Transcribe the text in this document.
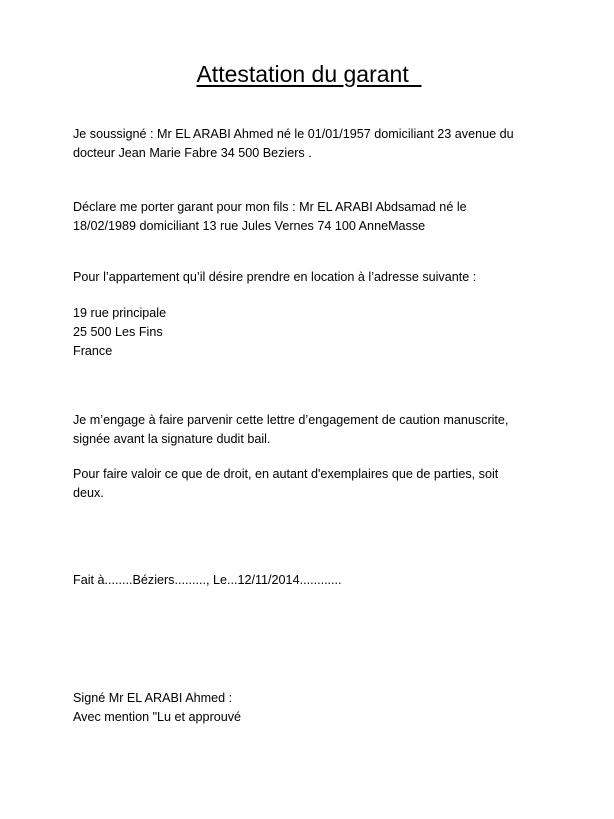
Attestation du garant
Je soussigné : Mr EL ARABI Ahmed né le 01/01/1957 domiciliant 23 avenue du
docteur Jean Marie Fabre 34 500 Beziers .
Déclare me porter garant pour mon fils : Mr EL ARABI Abdsamad né le
18/02/1989 domiciliant 13 rue Jules Vernes 74 100 AnneMasse
Pour l’appartement qu’il désire prendre en location à l’adresse suivante :
19 rue principale
25 500 Les Fins
France
Je m’engage à faire parvenir cette lettre d’engagement de caution manuscrite,
signée avant la signature dudit bail.
Pour faire valoir ce que de droit, en autant d'exemplaires que de parties, soit
deux.
Fait à........Béziers........., Le...12/11/2014............
Signé Mr EL ARABI Ahmed :
Avec mention "Lu et approuvé
